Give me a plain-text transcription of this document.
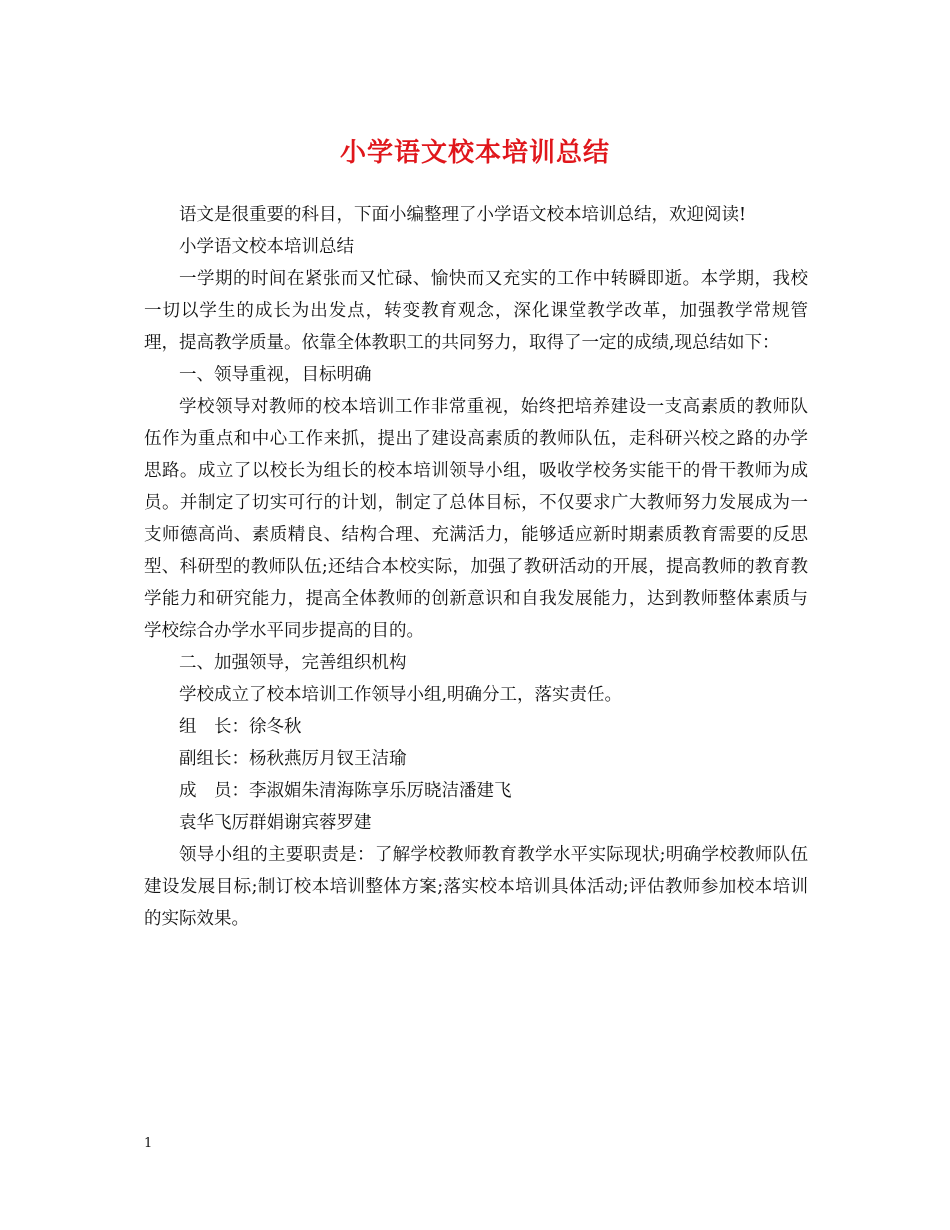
小学语文校本培训总结

语文是很重要的科目，下面小编整理了小学语文校本培训总结，欢迎阅读!

小学语文校本培训总结

一学期的时间在紧张而又忙碌、愉快而又充实的工作中转瞬即逝。本学期，我校一切以学生的成长为出发点，转变教育观念，深化课堂教学改革，加强教学常规管理，提高教学质量。依靠全体教职工的共同努力，取得了一定的成绩,现总结如下：

一、领导重视，目标明确

学校领导对教师的校本培训工作非常重视，始终把培养建设一支高素质的教师队伍作为重点和中心工作来抓，提出了建设高素质的教师队伍，走科研兴校之路的办学思路。成立了以校长为组长的校本培训领导小组，吸收学校务实能干的骨干教师为成员。并制定了切实可行的计划，制定了总体目标，不仅要求广大教师努力发展成为一支师德高尚、素质精良、结构合理、充满活力，能够适应新时期素质教育需要的反思型、科研型的教师队伍;还结合本校实际，加强了教研活动的开展，提高教师的教育教学能力和研究能力，提高全体教师的创新意识和自我发展能力，达到教师整体素质与学校综合办学水平同步提高的目的。

二、加强领导，完善组织机构

学校成立了校本培训工作领导小组,明确分工，落实责任。

组　长：徐冬秋

副组长：杨秋燕厉月钗王洁瑜

成　员：李淑媚朱清海陈享乐厉晓洁潘建飞

袁华飞厉群娟谢宾蓉罗建

领导小组的主要职责是：了解学校教师教育教学水平实际现状;明确学校教师队伍建设发展目标;制订校本培训整体方案;落实校本培训具体活动;评估教师参加校本培训的实际效果。

1
